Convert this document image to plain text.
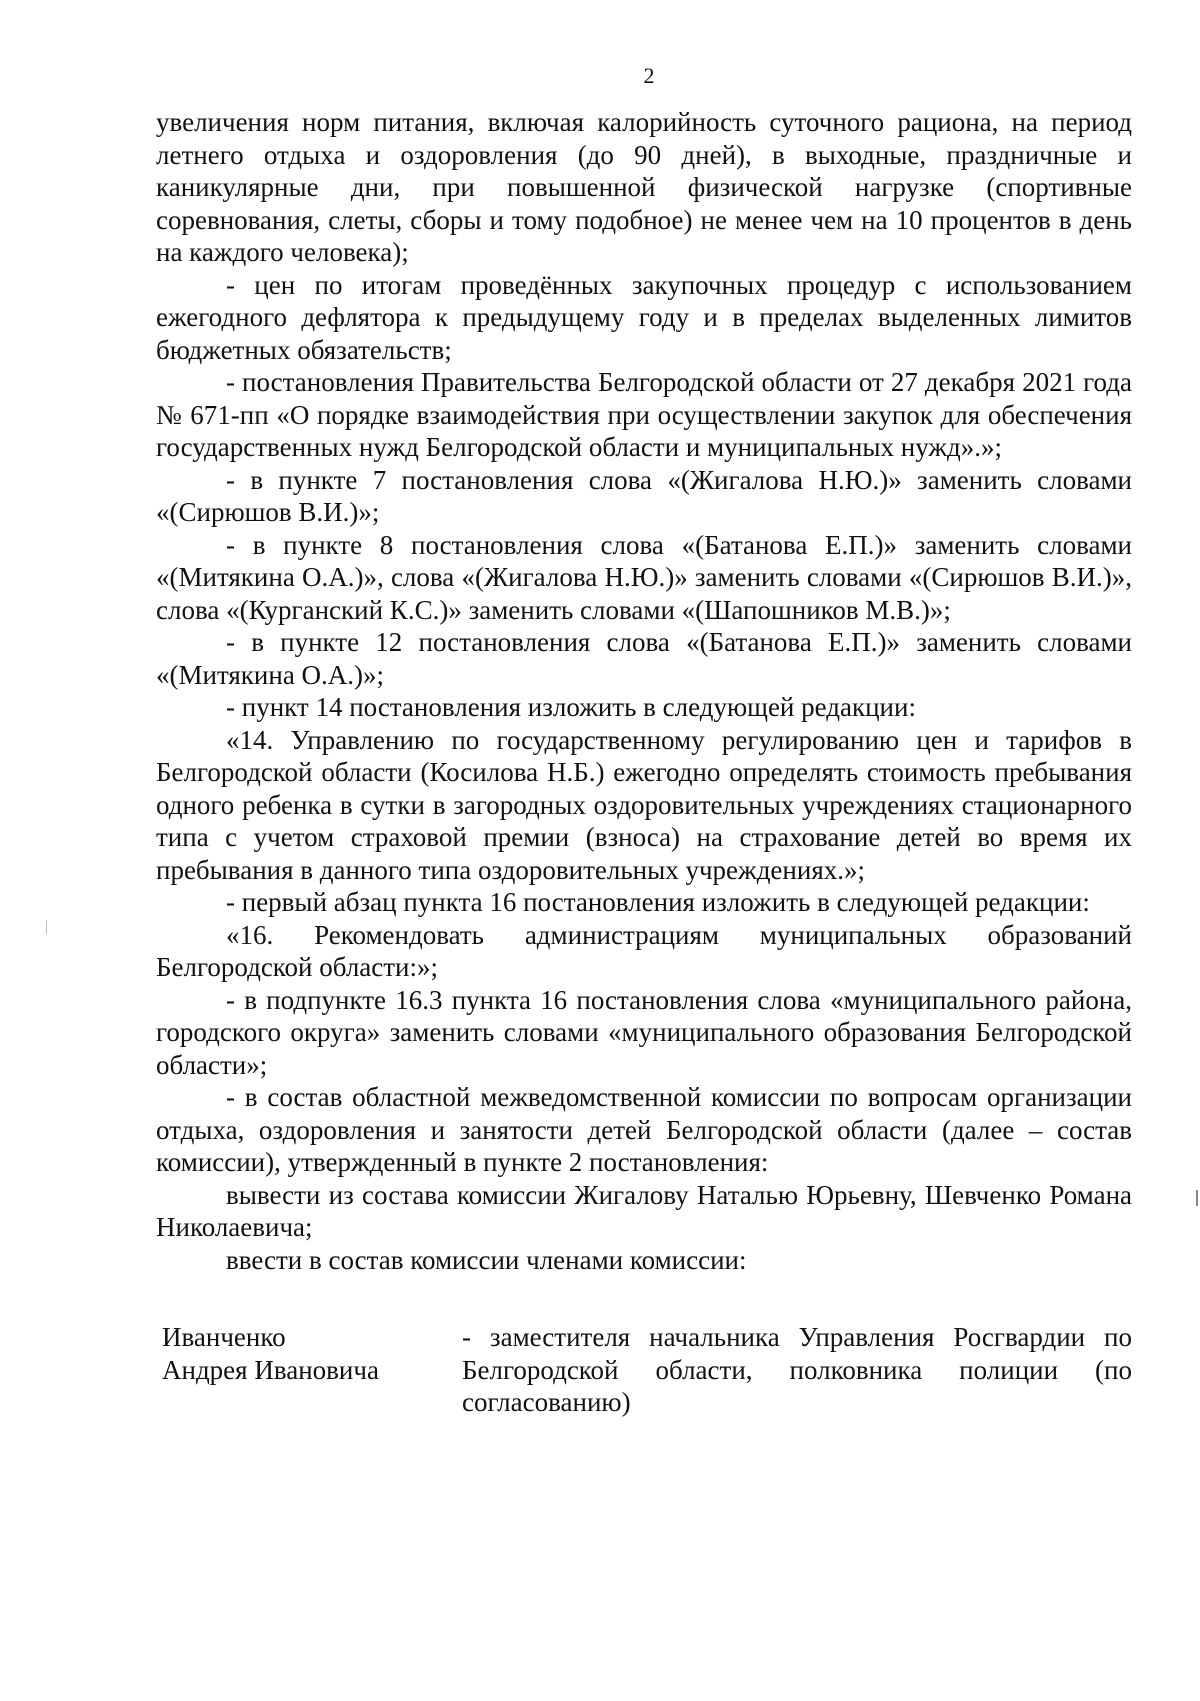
2

увеличения норм питания, включая калорийность суточного рациона, на период летнего отдыха и оздоровления (до 90 дней), в выходные, праздничные и каникулярные дни, при повышенной физической нагрузке (спортивные соревнования, слеты, сборы и тому подобное) не менее чем на 10 процентов в день на каждого человека);

- цен по итогам проведённых закупочных процедур с использованием ежегодного дефлятора к предыдущему году и в пределах выделенных лимитов бюджетных обязательств;

- постановления Правительства Белгородской области от 27 декабря 2021 года № 671-пп «О порядке взаимодействия при осуществлении закупок для обеспечения государственных нужд Белгородской области и муниципальных нужд».»;

- в пункте 7 постановления слова «(Жигалова Н.Ю.)» заменить словами «(Сирюшов В.И.)»;

- в пункте 8 постановления слова «(Батанова Е.П.)» заменить словами «(Митякина О.А.)», слова «(Жигалова Н.Ю.)» заменить словами «(Сирюшов В.И.)», слова «(Курганский К.С.)» заменить словами «(Шапошников М.В.)»;

- в пункте 12 постановления слова «(Батанова Е.П.)» заменить словами «(Митякина О.А.)»;

- пункт 14 постановления изложить в следующей редакции:

«14. Управлению по государственному регулированию цен и тарифов в Белгородской области (Косилова Н.Б.) ежегодно определять стоимость пребывания одного ребенка в сутки в загородных оздоровительных учреждениях стационарного типа с учетом страховой премии (взноса) на страхование детей во время их пребывания в данного типа оздоровительных учреждениях.»;

- первый абзац пункта 16 постановления изложить в следующей редакции:

«16. Рекомендовать администрациям муниципальных образований Белгородской области:»;

- в подпункте 16.3 пункта 16 постановления слова «муниципального района, городского округа» заменить словами «муниципального образования Белгородской области»;

- в состав областной межведомственной комиссии по вопросам организации отдыха, оздоровления и занятости детей Белгородской области (далее – состав комиссии), утвержденный в пункте 2 постановления:

вывести из состава комиссии Жигалову Наталью Юрьевну, Шевченко Романа Николаевича;

ввести в состав комиссии членами комиссии:

Иванченко
Андрея Ивановича
- заместителя начальника Управления Росгвардии по Белгородской области, полковника полиции (по согласованию)
